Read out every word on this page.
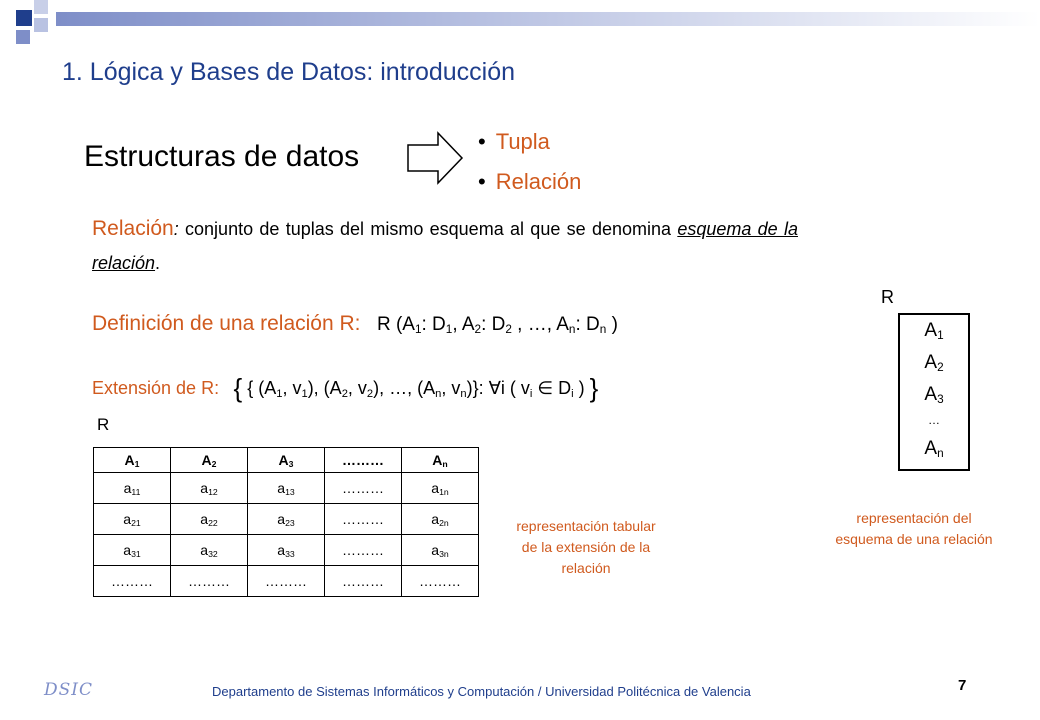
1. Lógica y Bases de Datos: introducción
Estructuras de datos	• Tupla
• Relación
Relación: conjunto de tuplas del mismo esquema al que se denomina esquema de la relación.
Definición de una relación R: R ($A_1$: $D_1$, $A_2$: $D_2$ , …, $A_n$: $D_n$ )
Extensión de R: { { ($A_1$, $v_1$), ($A_2$, $v_2$), …, ($A_n$, $v_n$)}: ∀i ( $v_i$ ∈ $D_i$ ) }
R
$A_1$	$A_2$	$A_3$	………	$A_n$
$a_{11}$	$a_{12}$	$a_{13}$	………	$a_{1n}$
$a_{21}$	$a_{22}$	$a_{23}$	………	$a_{2n}$
$a_{31}$	$a_{32}$	$a_{33}$	………	$a_{3n}$
………	………	………	………	………
representación tabular de la extensión de la relación
R
$A_1$
$A_2$
$A_3$
…
$A_n$
representación del esquema de una relación
DSIC	Departamento de Sistemas Informáticos y Computación / Universidad Politécnica de Valencia	7
